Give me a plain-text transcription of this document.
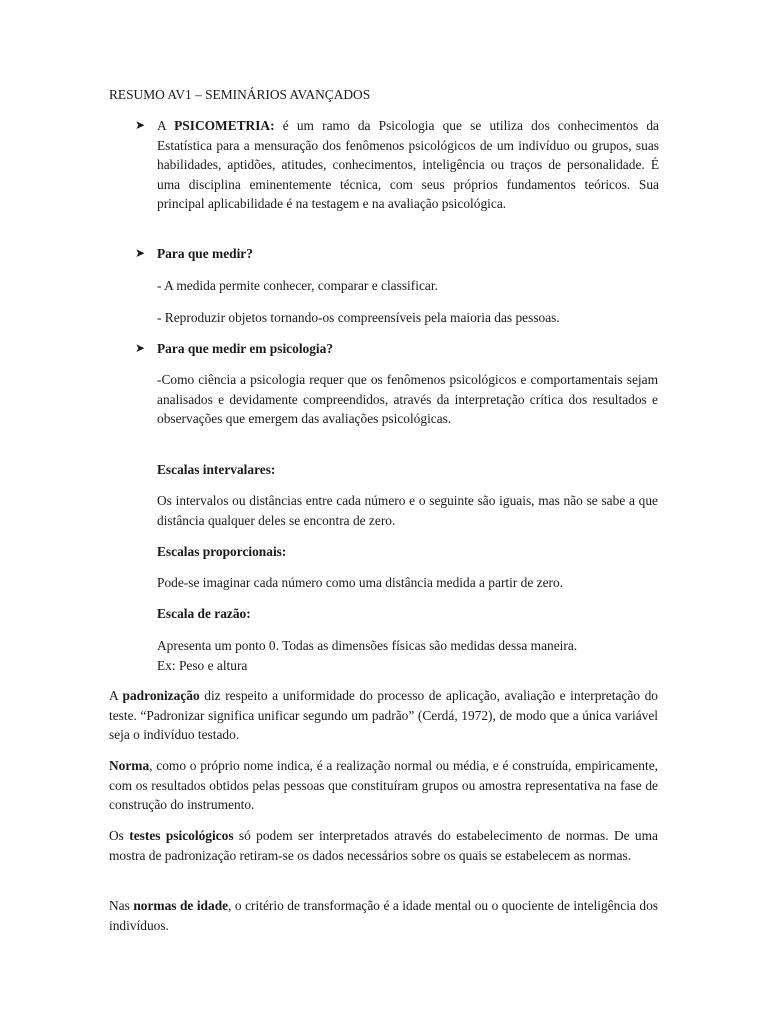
RESUMO AV1 – SEMINÁRIOS AVANÇADOS

➤ A PSICOMETRIA: é um ramo da Psicologia que se utiliza dos conhecimentos da Estatística para a mensuração dos fenômenos psicológicos de um indivíduo ou grupos, suas habilidades, aptidões, atitudes, conhecimentos, inteligência ou traços de personalidade. É uma disciplina eminentemente técnica, com seus próprios fundamentos teóricos. Sua principal aplicabilidade é na testagem e na avaliação psicológica.
➤ Para que medir?

- A medida permite conhecer, comparar e classificar.

- Reproduzir objetos tornando-os compreensíveis pela maioria das pessoas.

➤ Para que medir em psicologia?

-Como ciência a psicologia requer que os fenômenos psicológicos e comportamentais sejam analisados e devidamente compreendidos, através da interpretação crítica dos resultados e observações que emergem das avaliações psicológicas.

Escalas intervalares:

Os intervalos ou distâncias entre cada número e o seguinte são iguais, mas não se sabe a que distância qualquer deles se encontra de zero.

Escalas proporcionais:

Pode-se imaginar cada número como uma distância medida a partir de zero.

Escala de razão:

Apresenta um ponto 0. Todas as dimensões físicas são medidas dessa maneira.
Ex: Peso e altura

A padronização diz respeito a uniformidade do processo de aplicação, avaliação e interpretação do teste. “Padronizar significa unificar segundo um padrão” (Cerdá, 1972), de modo que a única variável seja o indivíduo testado.

Norma, como o próprio nome indica, é a realização normal ou média, e é construída, empiricamente, com os resultados obtidos pelas pessoas que constituíram grupos ou amostra representativa na fase de construção do instrumento.

Os testes psicológicos só podem ser interpretados através do estabelecimento de normas. De uma mostra de padronização retiram-se os dados necessários sobre os quais se estabelecem as normas.

Nas normas de idade, o critério de transformação é a idade mental ou o quociente de inteligência dos indivíduos.
